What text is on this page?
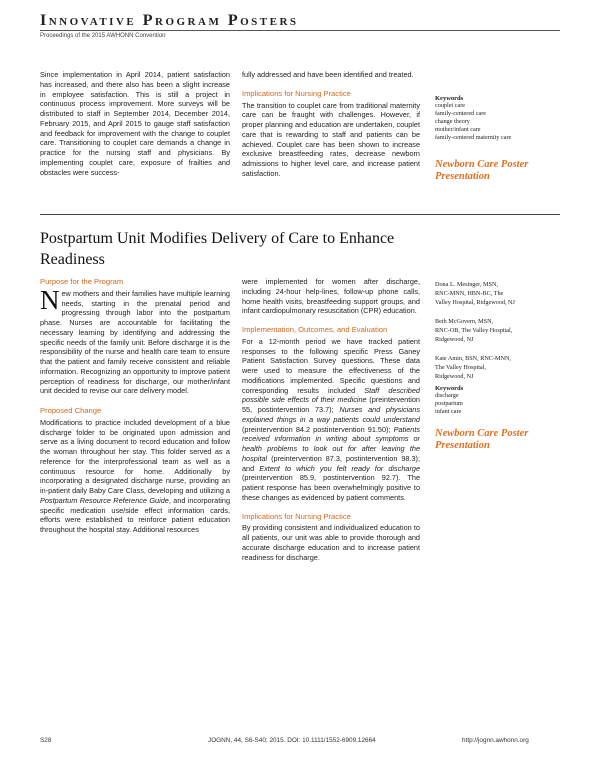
Innovative Program Posters
Proceedings of the 2015 AWHONN Convention

Since implementation in April 2014, patient satisfaction has increased, and there also has been a slight increase in employee satisfaction. This is still a project in continuous process improvement. More surveys will be distributed to staff in September 2014, December 2014, February 2015, and April 2015 to gauge staff satisfaction and feedback for improvement with the change to couplet care. Transitioning to couplet care demands a change in practice for the nursing staff and physicians. By implementing couplet care, exposure of frailties and obstacles were success-

fully addressed and have been identified and treated.

Implications for Nursing Practice

The transition to couplet care from traditional maternity care can be fraught with challenges. However, if proper planning and education are undertaken, couplet care that is rewarding to staff and patients can be achieved. Couplet care has been shown to increase exclusive breastfeeding rates, decrease newborn admissions to higher level care, and increase patient satisfaction.

Keywords
couplet care
family-centered care
change theory
mother/infant care
family-centered maternity care
Newborn Care Poster Presentation
Postpartum Unit Modifies Delivery of Care to Enhance Readiness
Purpose for the Program

New mothers and their families have multiple learning needs, starting in the prenatal period and progressing through labor into the postpartum phase. Nurses are accountable for facilitating the necessary learning by identifying and addressing the specific needs of the family unit. Before discharge it is the responsibility of the nurse and health care team to ensure that the patient and family receive consistent and reliable information. Recognizing an opportunity to improve patient perception of readiness for discharge, our mother/infant unit decided to revise our care delivery model.

Proposed Change

Modifications to practice included development of a blue discharge folder to be originated upon admission and serve as a living document to record education and follow the woman throughout her stay. This folder served as a reference for the interprofessional team as well as a continuous resource for home. Additionally by incorporating a designated discharge nurse, providing an in-patient daily Baby Care Class, developing and utilizing a Postpartum Resource Reference Guide, and incorporating specific medication use/side effect information cards, efforts were established to reinforce patient education throughout the hospital stay. Additional resources

were implemented for women after discharge, including 24-hour help-lines, follow-up phone calls, home health visits, breastfeeding support groups, and infant cardiopulmonary resuscitation (CPR) education.

Implementation, Outcomes, and Evaluation

For a 12-month period we have tracked patient responses to the following specific Press Ganey Patient Satisfaction Survey questions. These data were used to measure the effectiveness of the modifications implemented. Specific questions and corresponding results included Staff described possible side effects of their medicine (preintervention 55, postintervention 73.7); Nurses and physicians explained things in a way patients could understand (preintervention 84.2 postintervention 91.50); Patients received information in writing about symptoms or health problems to look out for after leaving the hospital (preintervention 87.3, postintervention 98.3); and Extent to which you felt ready for discharge (preintervention 85.9, postintervention 92.7). The patient response has been overwhelmingly positive to these changes as evidenced by patient comments.

Implications for Nursing Practice

By providing consistent and individualized education to all patients, our unit was able to provide thorough and accurate discharge education and to increase patient readiness for discharge.

Dona L. Mesinger, MSN,
RNC-MNN, HBN-BC, The
Valley Hospital, Ridgewood, NJ
Beth McGovern, MSN,
RNC-OB, The Valley Hospital,
Ridgewood, NJ
Kate Amin, BSN, RNC-MNN,
The Valley Hospital,
Ridgewood, NJ
Keywords
discharge
postpartum
infant care
Newborn Care Poster Presentation
S28	JOGNN, 44, S6-S40; 2015. DOI: 10.1111/1552-6909.12664	http://jognn.awhonn.org
